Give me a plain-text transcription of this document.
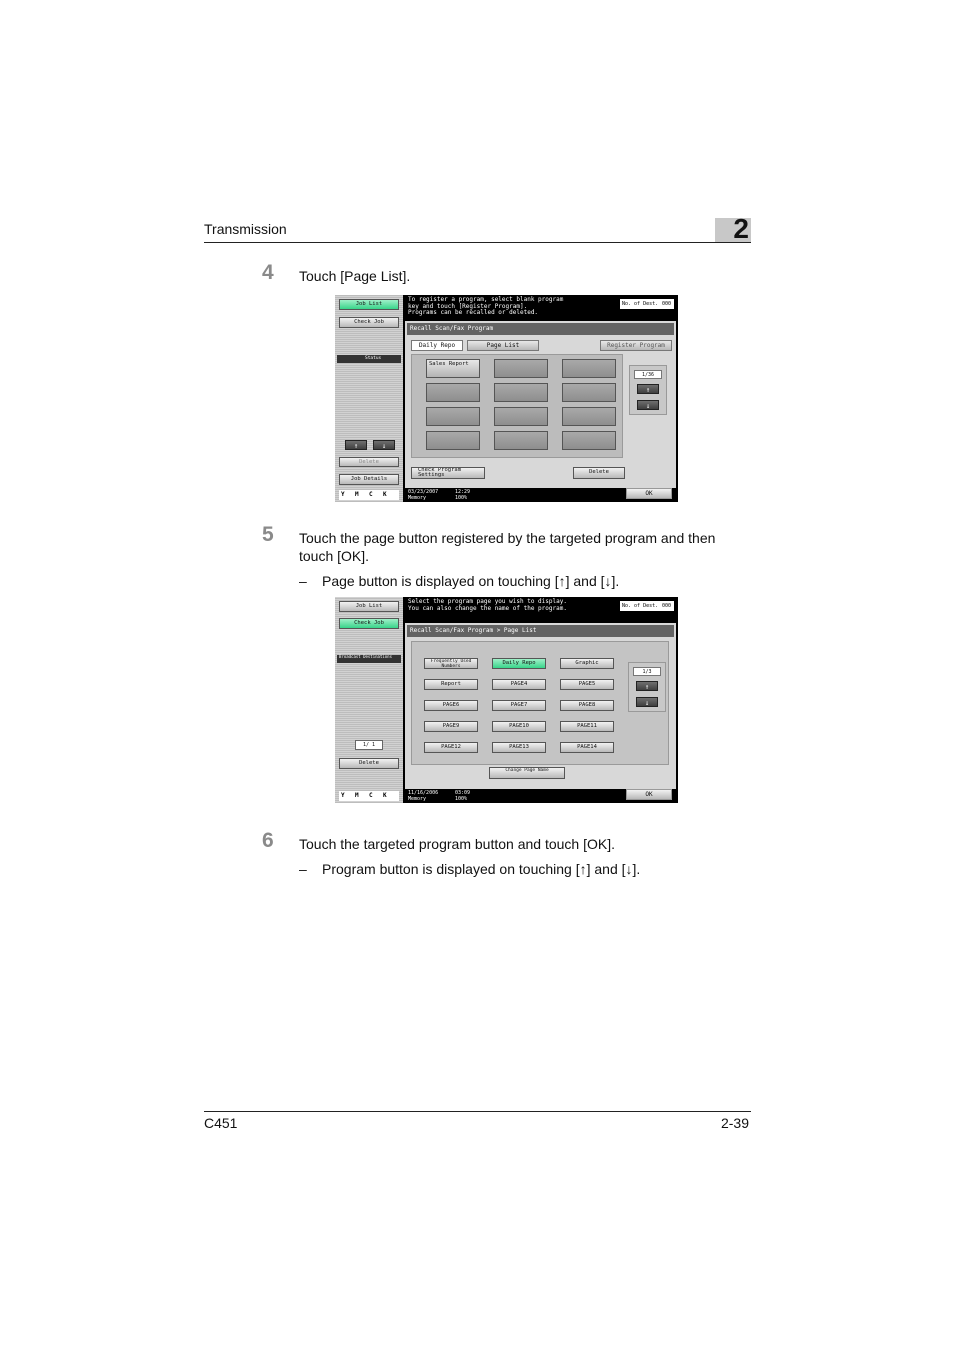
Transmission	2
4 Touch [Page List].
Job List
Check Job
Status
↑	↓
Delete
Job Details
Y M C K
To register a program, select blank program
key and touch [Register Program].
Programs can be recalled or deleted.
No. of Dest. 000
Recall Scan/Fax Program
Daily Repo	Page List	Register Program
Sales Report
1/36
↑
↓
Check Program Settings	Delete
03/23/2007
Memory
12:29
100%
OK
5 Touch the page button registered by the targeted program and then
touch [OK].
– Page button is displayed on touching [↑] and [↓].
Job List
Check Job
Broadcast Destinations
1/ 1
Delete
Y M C K
Select the program page you wish to display.
You can also change the name of the program.	No. of Dest. 000
Recall Scan/Fax Program > Page List
Frequently Used Numbers
Daily Repo	Graphic
Report	PAGE4	PAGE5
PAGE6	PAGE7	PAGE8
PAGE9	PAGE10	PAGE11
PAGE12	PAGE13	PAGE14
1/3
↑
↓
Change Page Name
11/16/2006
Memory
03:09
100%
OK
6 Touch the targeted program button and touch [OK].
– Program button is displayed on touching [↑] and [↓].
C451	2-39
